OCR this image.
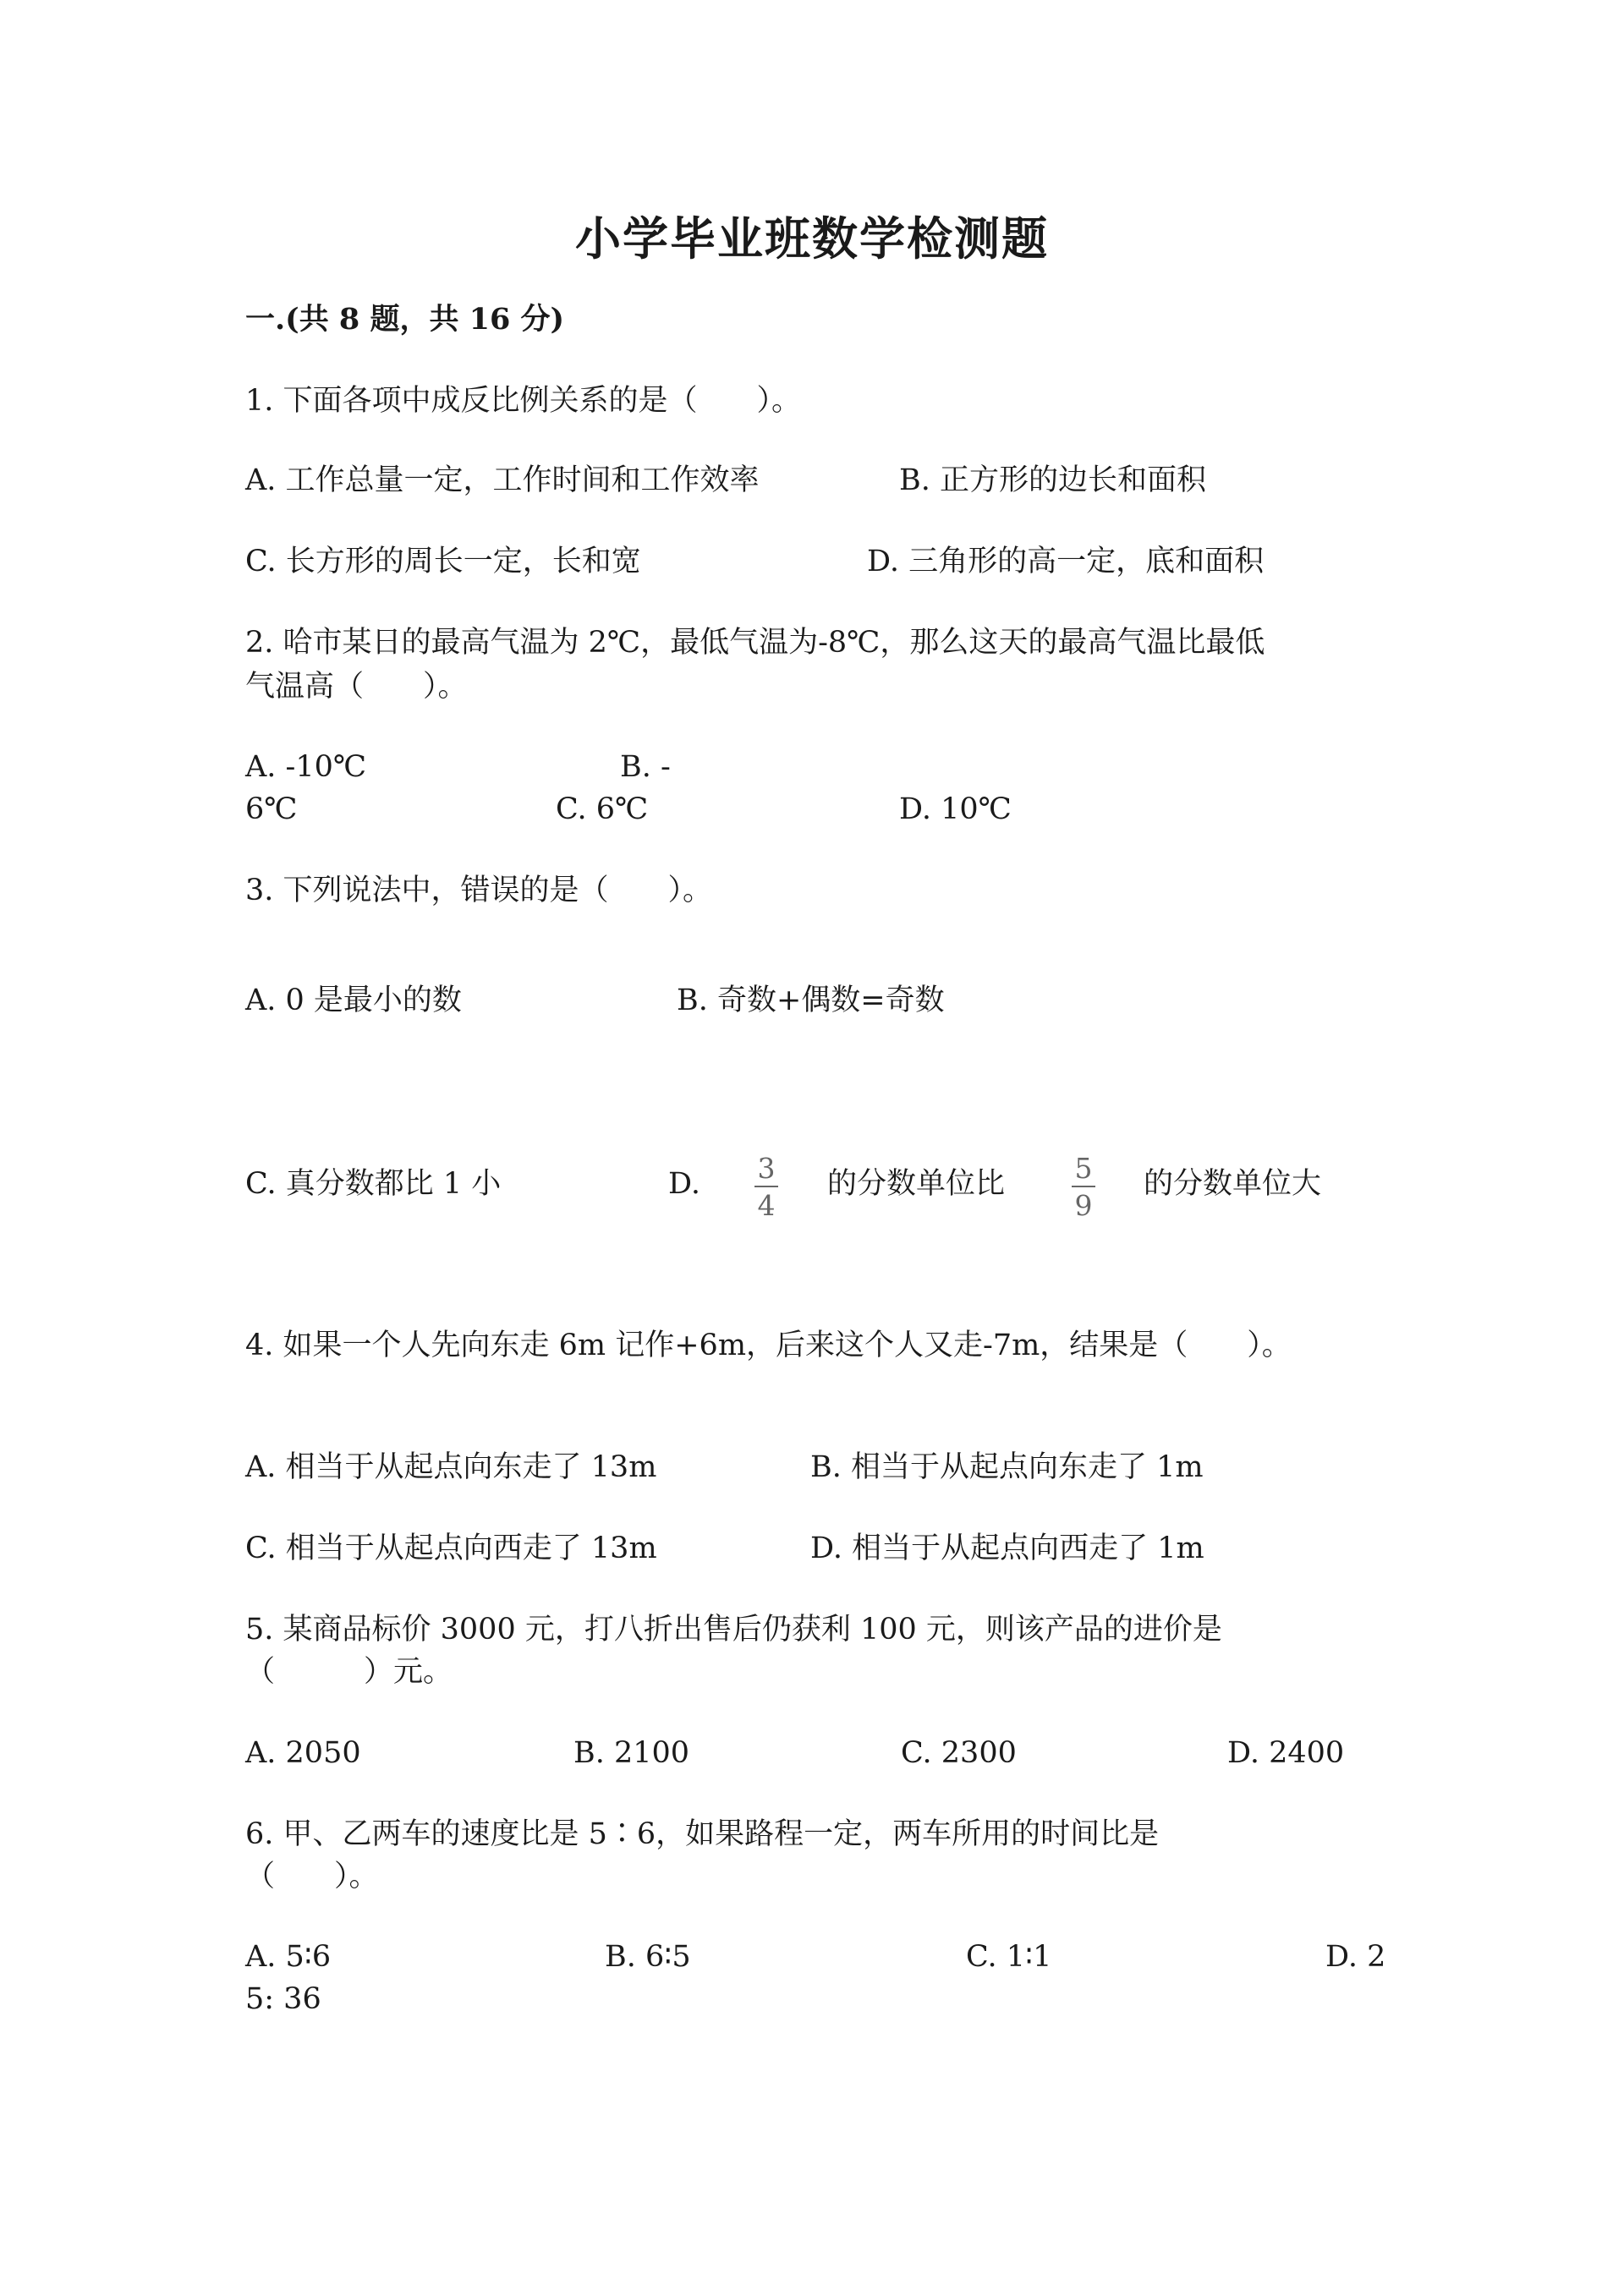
小学毕业班数学检测题
一.(共 8 题，共 16 分)
1. 下面各项中成反比例关系的是（　　）。
A. 工作总量一定，工作时间和工作效率	B. 正方形的边长和面积
C. 长方形的周长一定，长和宽	D. 三角形的高一定，底和面积
2. 哈市某日的最高气温为 2℃，最低气温为-8℃，那么这天的最高气温比最低
气温高（　　）。
A. -10℃	B. -
6℃	C. 6℃	D. 10℃
3. 下列说法中，错误的是（　　）。
A. 0 是最小的数	B. 奇数+偶数=奇数
C. 真分数都比 1 小	D. 3
4
的分数单位比 5
9
的分数单位大
4. 如果一个人先向东走 6m 记作+6m，后来这个人又走-7m，结果是（　　）。
A. 相当于从起点向东走了 13m	B. 相当于从起点向东走了 1m
C. 相当于从起点向西走了 13m	D. 相当于从起点向西走了 1m
5. 某商品标价 3000 元，打八折出售后仍获利 100 元，则该产品的进价是
（　　　）元。
A. 2050	B. 2100	C. 2300	D. 2400
6. 甲、乙两车的速度比是 5∶6，如果路程一定，两车所用的时间比是
（　　）。
A. 5∶6	B. 6∶5	C. 1∶1	D. 2
5: 36
